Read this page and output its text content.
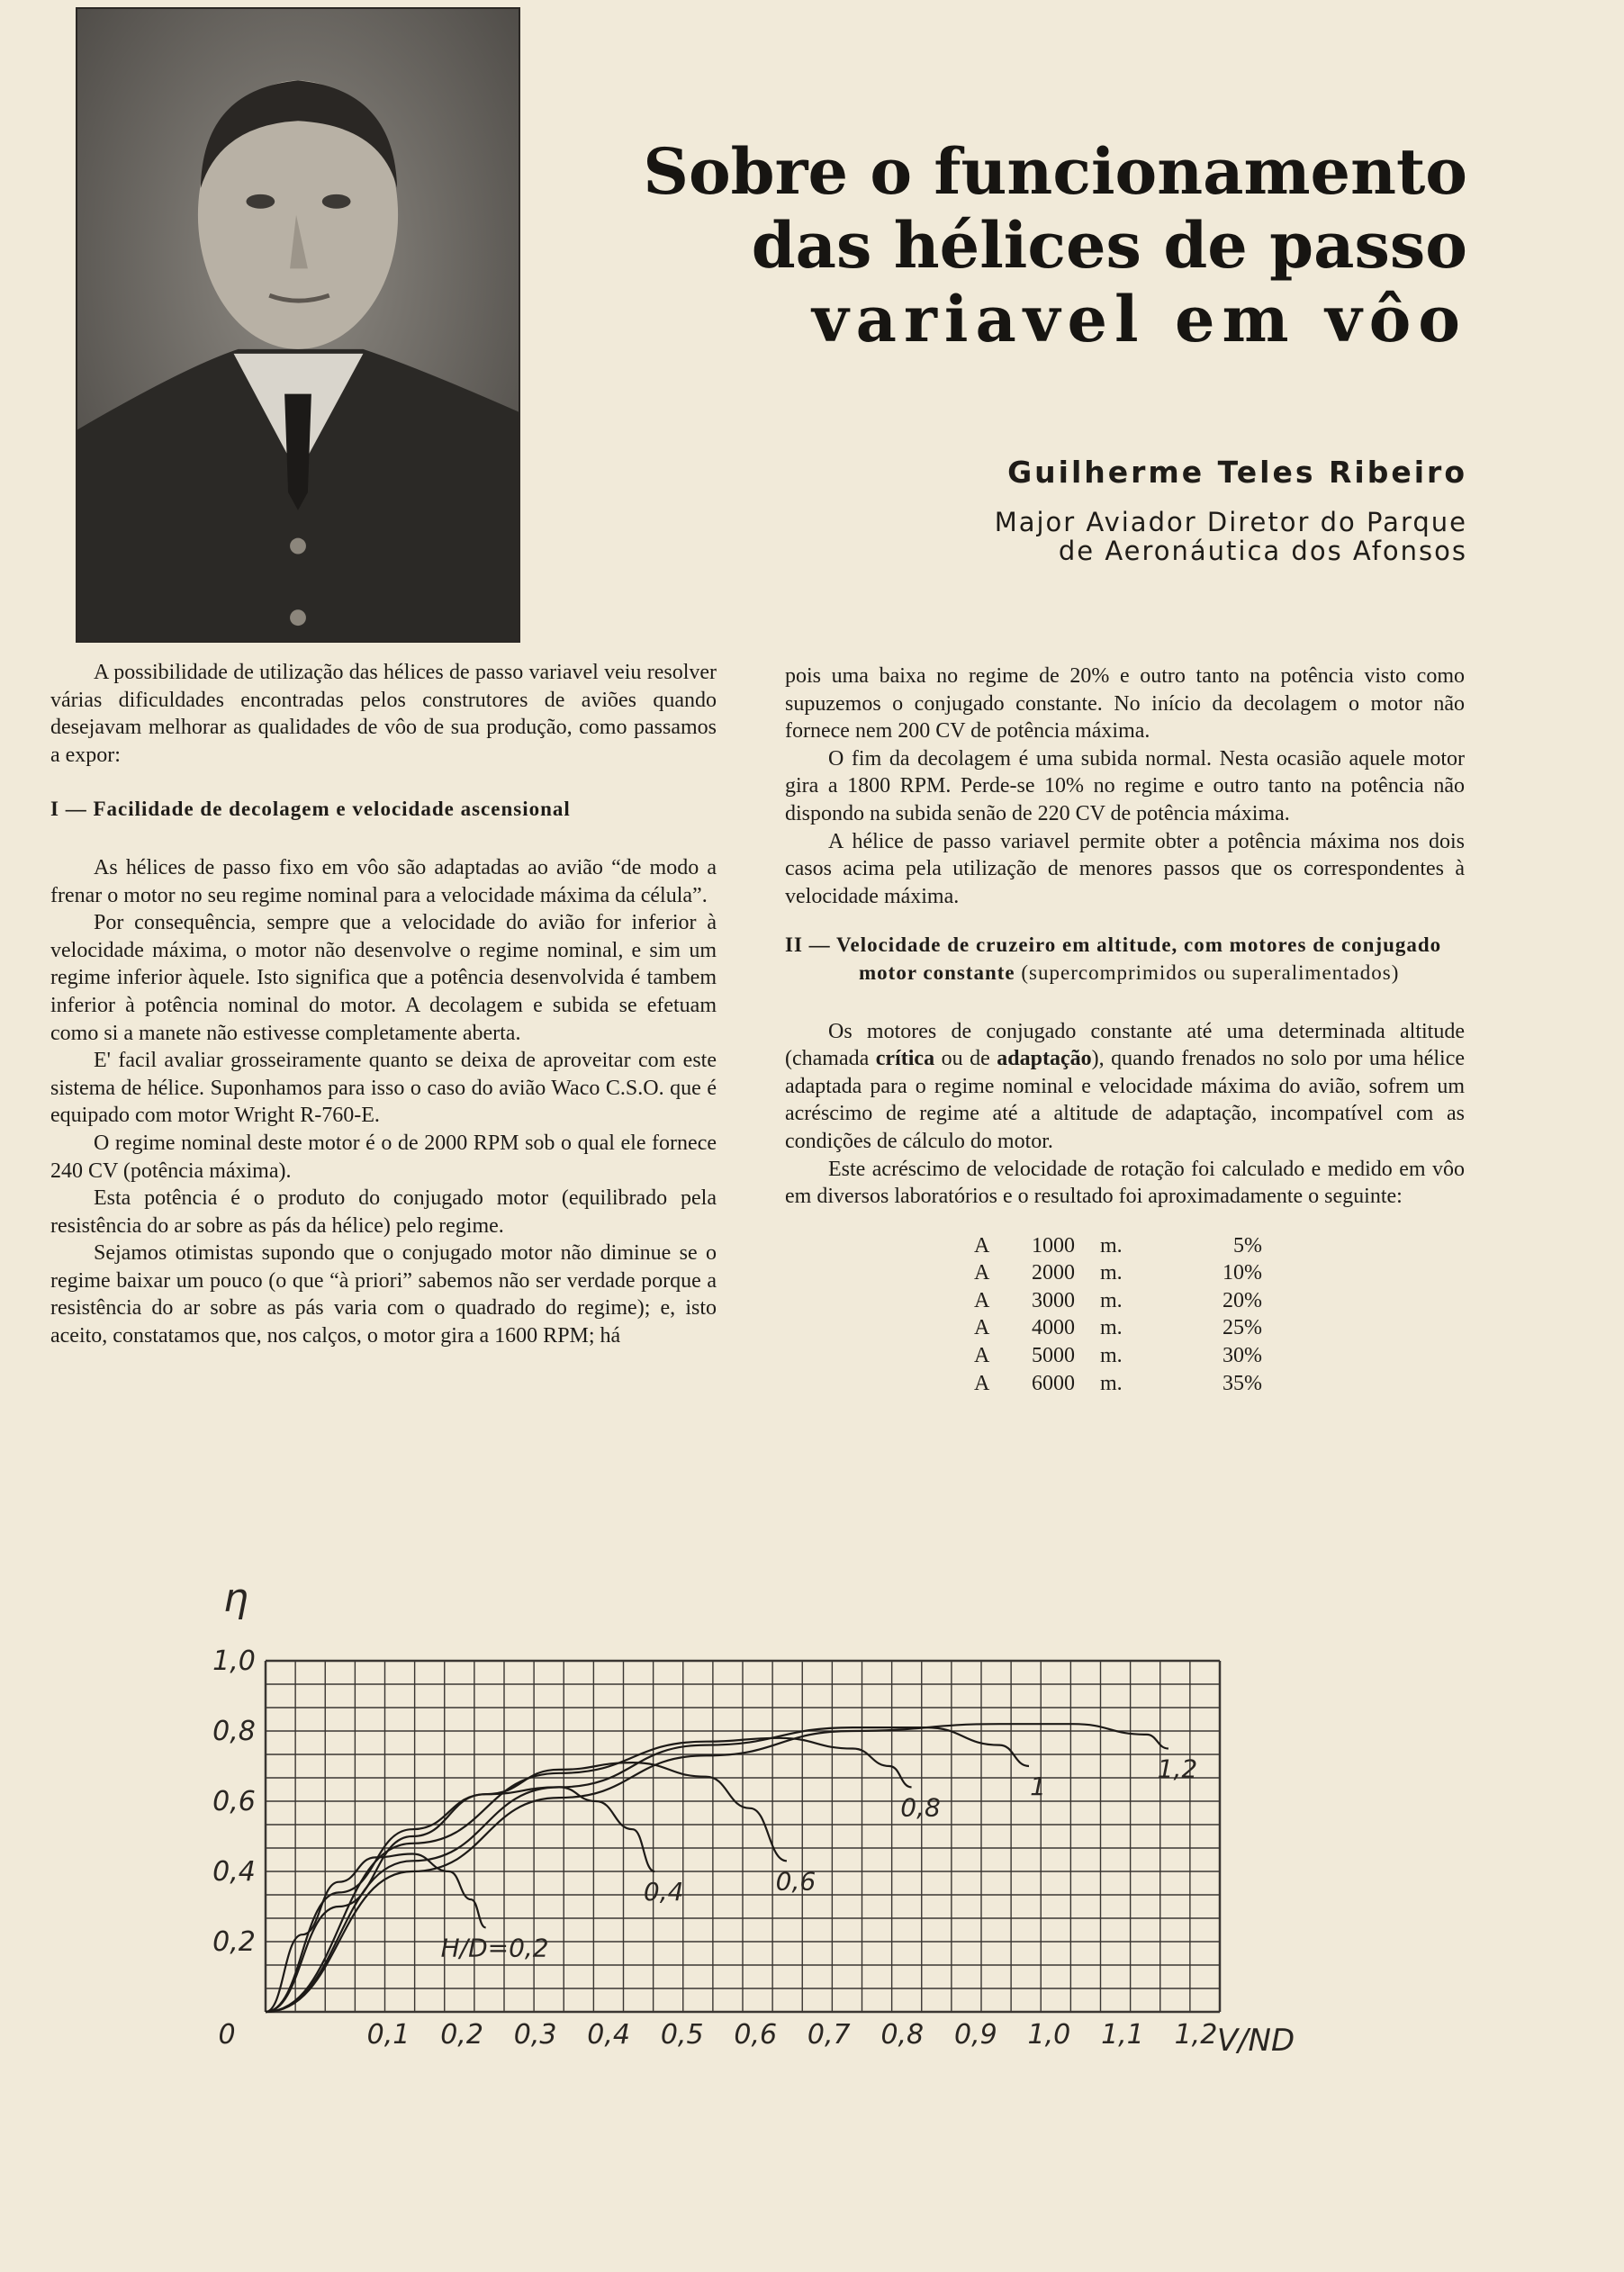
Sobre o funcionamento
das hélices de passo
variavel em vôo
Guilherme Teles Ribeiro
Major Aviador Diretor do Parque
de Aeronáutica dos Afonsos

A possibilidade de utilização das hélices de passo variavel veiu resolver várias dificuldades encontradas pelos construtores de aviões quando desejavam melhorar as qualidades de vôo de sua produção, como passamos a expor:

I — Facilidade de decolagem e velocidade ascensional

As hélices de passo fixo em vôo são adaptadas ao avião “de modo a frenar o motor no seu regime nominal para a velocidade máxima da célula”.

Por consequência, sempre que a velocidade do avião for inferior à velocidade máxima, o motor não desenvolve o regime nominal, e sim um regime inferior àquele. Isto significa que a potência desenvolvida é tambem inferior à potência nominal do motor. A decolagem e subida se efetuam como si a manete não estivesse completamente aberta.

E' facil avaliar grosseiramente quanto se deixa de aproveitar com este sistema de hélice. Suponhamos para isso o caso do avião Waco C.S.O. que é equipado com motor Wright R-760-E.

O regime nominal deste motor é o de 2000 RPM sob o qual ele fornece 240 CV (potência máxima).

Esta potência é o produto do conjugado motor (equilibrado pela resistência do ar sobre as pás da hélice) pelo regime.

Sejamos otimistas supondo que o conjugado motor não diminue se o regime baixar um pouco (o que “à priori” sabemos não ser verdade porque a resistência do ar sobre as pás varia com o quadrado do regime); e, isto aceito, constatamos que, nos calços, o motor gira a 1600 RPM; há

pois uma baixa no regime de 20% e outro tanto na potência visto como supuzemos o conjugado constante. No início da decolagem o motor não fornece nem 200 CV de potência máxima.

O fim da decolagem é uma subida normal. Nesta ocasião aquele motor gira a 1800 RPM. Perde-se 10% no regime e outro tanto na potência não dispondo na subida senão de 220 CV de potência máxima.

A hélice de passo variavel permite obter a potência máxima nos dois casos acima pela utilização de menores passos que os correspondentes à velocidade máxima.

II — Velocidade de cruzeiro em altitude, com motores de conjugado motor constante (supercomprimidos ou superalimentados)

Os motores de conjugado constante até uma determinada altitude (chamada crítica ou de adaptação), quando frenados no solo por uma hélice adaptada para o regime nominal e velocidade máxima do avião, sofrem um acréscimo de regime até a altitude de adaptação, incompatível com as condições de cálculo do motor.

Este acréscimo de velocidade de rotação foi calculado e medido em vôo em diversos laboratórios e o resultado foi aproximadamente o seguinte:

A	1000	m.	5%
A	2000	m.	10%
A	3000	m.	20%
A	4000	m.	25%
A	5000	m.	30%
A	6000	m.	35%
0	0,1 0,2 0,3 0,4 0,5 0,6 0,7 0,8 0,9 1,0 1,1 1,2
0,2
0,4
0,6
0,8
1,0
η
V/ND
H/D=0,2
0,4	0,6
0,8
1
1,2
